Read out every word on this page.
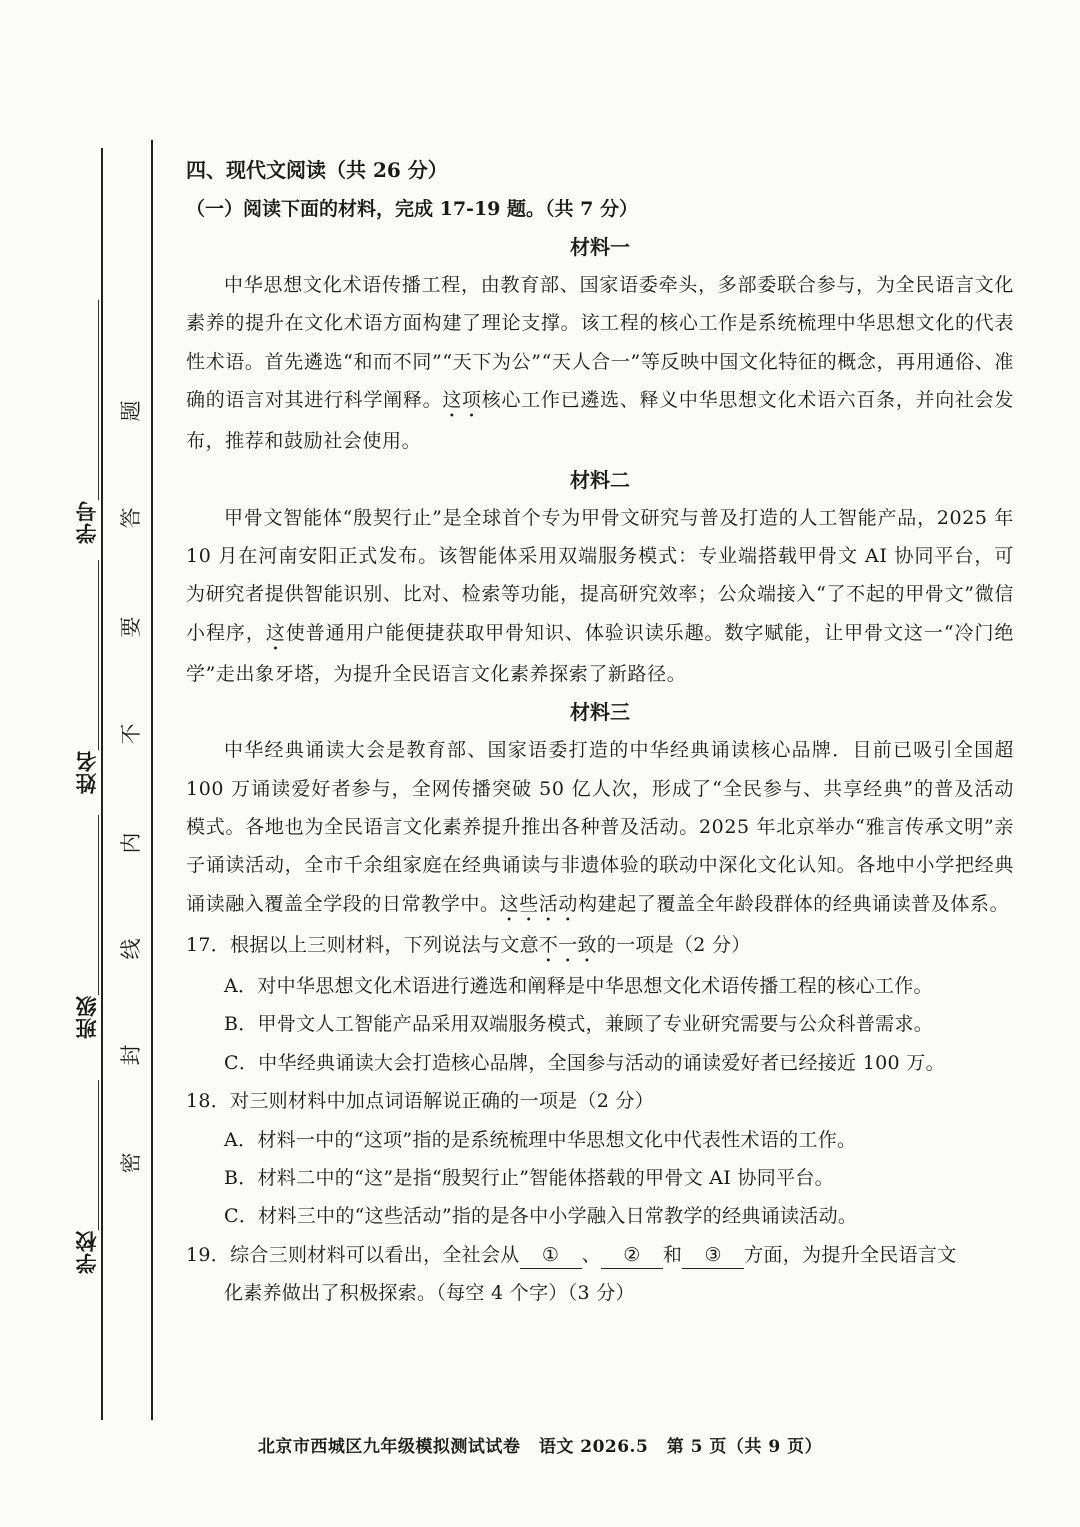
学号
姓名
班级
学校
题
答
要
不
内
线
封
密

四、现代文阅读（共 26 分）

（一）阅读下面的材料，完成 17-19 题。（共 7 分）

材料一

中华思想文化术语传播工程，由教育部、国家语委牵头，多部委联合参与，为全民语言文化素养的提升在文化术语方面构建了理论支撑。该工程的核心工作是系统梳理中华思想文化的代表性术语。首先遴选“和而不同”“天下为公”“天人合一”等反映中国文化特征的概念，再用通俗、准确的语言对其进行科学阐释。这项核心工作已遴选、释义中华思想文化术语六百条，并向社会发布，推荐和鼓励社会使用。

材料二

甲骨文智能体“殷契行止”是全球首个专为甲骨文研究与普及打造的人工智能产品，2025 年 10 月在河南安阳正式发布。该智能体采用双端服务模式：专业端搭载甲骨文 AI 协同平台，可为研究者提供智能识别、比对、检索等功能，提高研究效率；公众端接入“了不起的甲骨文”微信小程序，这使普通用户能便捷获取甲骨知识、体验识读乐趣。数字赋能，让甲骨文这一“冷门绝学”走出象牙塔，为提升全民语言文化素养探索了新路径。

材料三

中华经典诵读大会是教育部、国家语委打造的中华经典诵读核心品牌．目前已吸引全国超 100 万诵读爱好者参与，全网传播突破 50 亿人次，形成了“全民参与、共享经典”的普及活动模式。各地也为全民语言文化素养提升推出各种普及活动。2025 年北京举办“雅言传承文明”亲子诵读活动，全市千余组家庭在经典诵读与非遗体验的联动中深化文化认知。各地中小学把经典诵读融入覆盖全学段的日常教学中。这些活动构建起了覆盖全年龄段群体的经典诵读普及体系。

17．根据以上三则材料，下列说法与文意不一致的一项是（2 分）

A．对中华思想文化术语进行遴选和阐释是中华思想文化术语传播工程的核心工作。

B．甲骨文人工智能产品采用双端服务模式，兼顾了专业研究需要与公众科普需求。

C．中华经典诵读大会打造核心品牌，全国参与活动的诵读爱好者已经接近 100 万。

18．对三则材料中加点词语解说正确的一项是（2 分）

A．材料一中的“这项”指的是系统梳理中华思想文化中代表性术语的工作。

B．材料二中的“这”是指“殷契行止”智能体搭载的甲骨文 AI 协同平台。

C．材料三中的“这些活动”指的是各中小学融入日常教学的经典诵读活动。

19．综合三则材料可以看出，全社会从 ① 、 ② 和 ③ 方面，为提升全民语言文

化素养做出了积极探索。（每空 4 个字）（3 分）

北京市西城区九年级模拟测试试卷 语文 2026.5 第 5 页（共 9 页）
